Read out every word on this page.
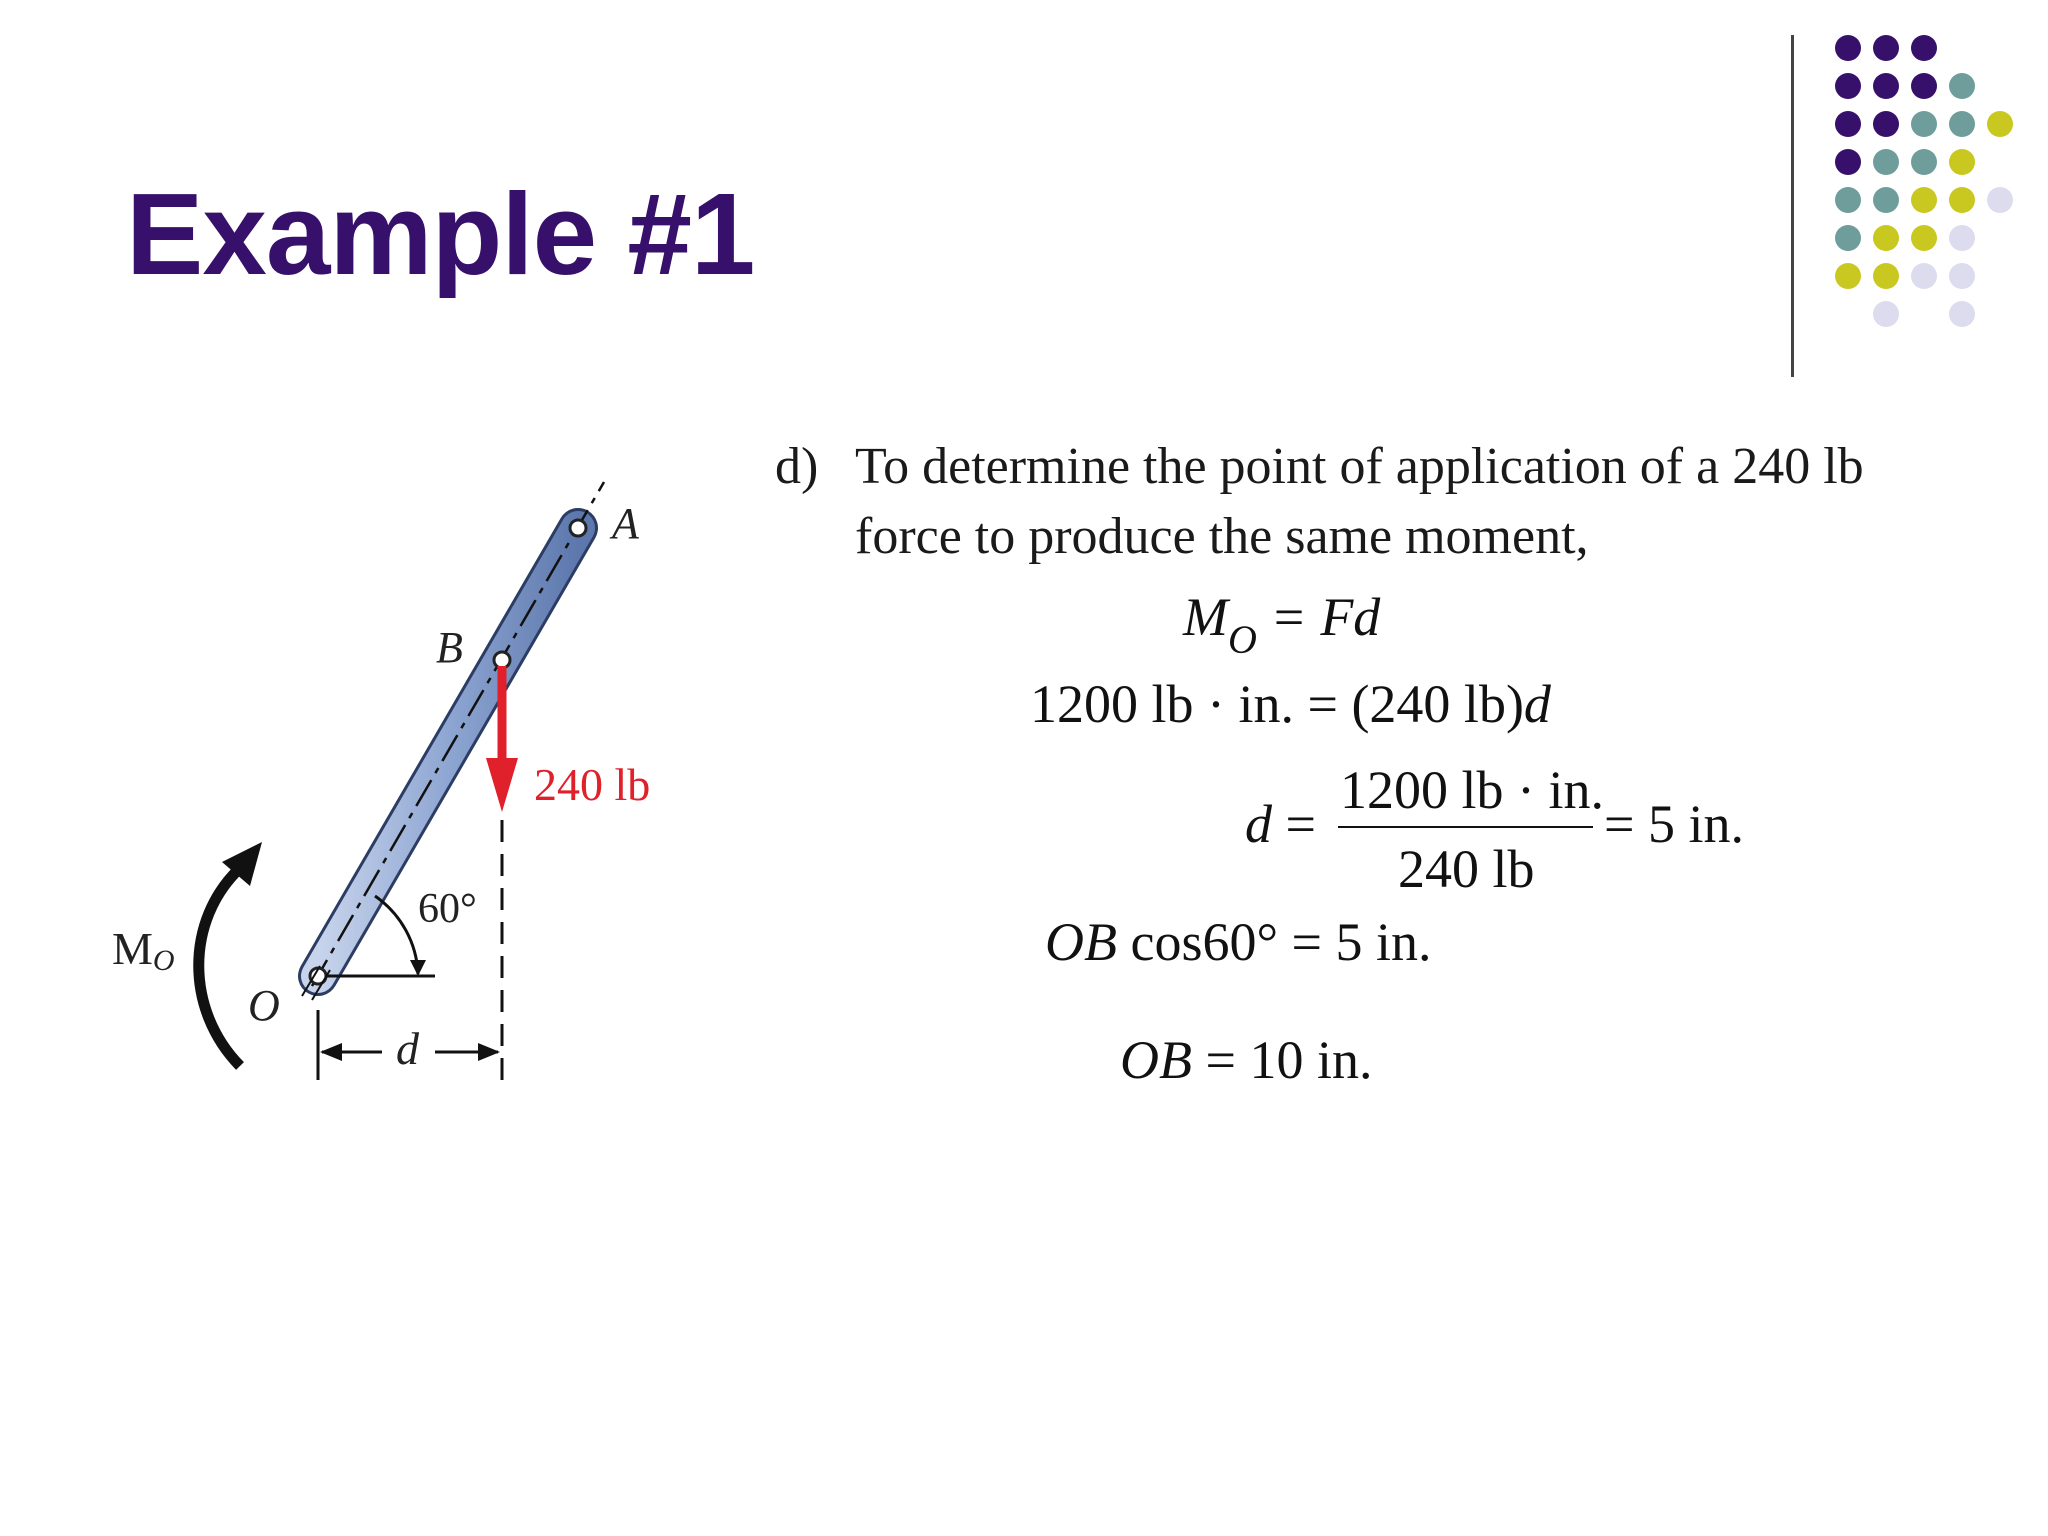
Example #1
A
B
O
240 lb
60°
MO
d
d) To determine the point of application of a 240 lb
force to produce the same moment,
$M_O = Fd$
1200 lb · in. = (240 lb)d
d =
1200 lb · in.
240 lb
= 5 in.
OB cos60° = 5 in.
OB = 10 in.
